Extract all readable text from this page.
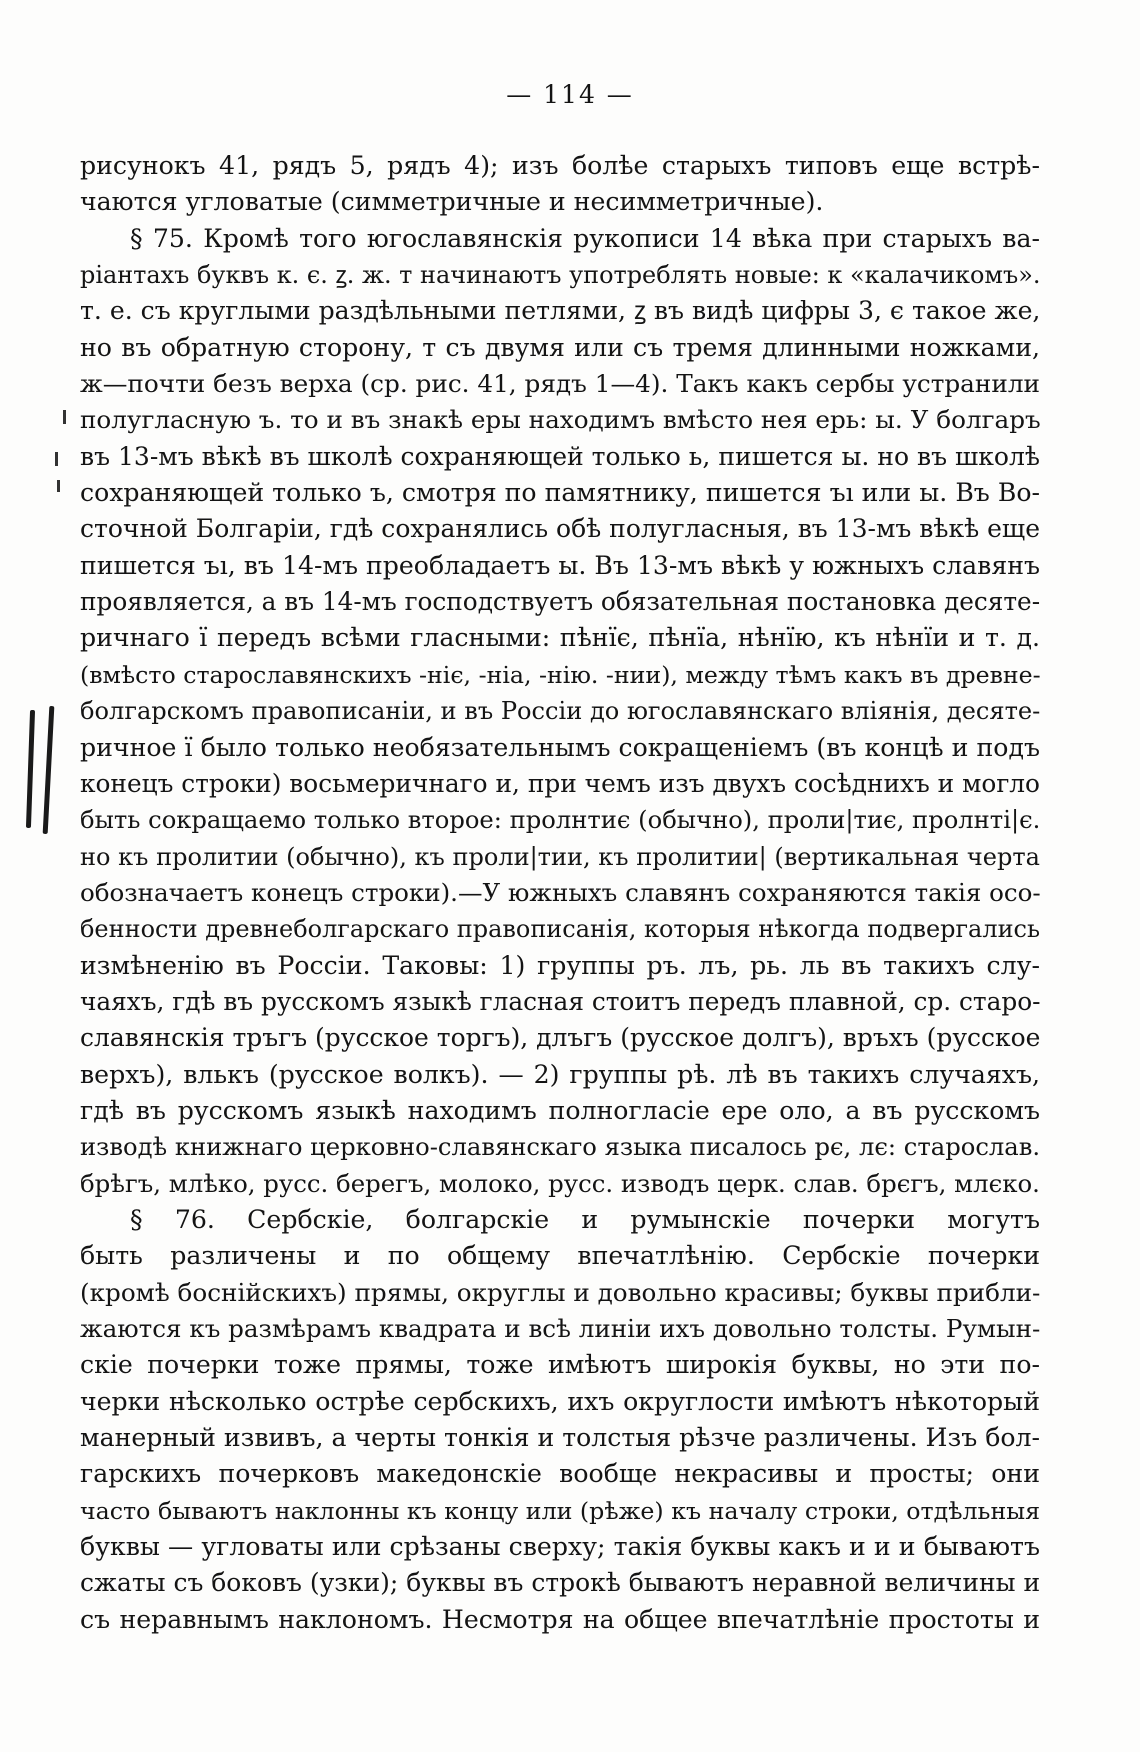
— 114 —

рисунокъ 41, рядъ 5, рядъ 4); изъ болѣе старыхъ типовъ еще встрѣ-
чаются угловатые (симметричные и несимметричные).

§ 75. Кромѣ того югославянскія рукописи 14 вѣка при старыхъ ва-
ріантахъ буквъ к. є. ꙁ. ж. т начинаютъ употреблять новые: к «калачикомъ».
т. е. съ круглыми раздѣльными петлями, ꙁ въ видѣ цифры 3, є такое же,
но въ обратную сторону, т съ двумя или съ тремя длинными ножками,
ж—почти безъ верха (ср. рис. 41, рядъ 1—4). Такъ какъ сербы устранили
полугласную ъ. то и въ знакѣ еры находимъ вмѣсто нея ерь: ы. У болгаръ
въ 13-мъ вѣкѣ въ школѣ сохраняющей только ь, пишется ы. но въ школѣ
сохраняющей только ъ, смотря по памятнику, пишется ъı или ы. Въ Во-
сточной Болгаріи, гдѣ сохранялись обѣ полугласныя, въ 13-мъ вѣкѣ еще
пишется ъı, въ 14-мъ преобладаетъ ы. Въ 13-мъ вѣкѣ у южныхъ славянъ
проявляется, а въ 14-мъ господствуетъ обязательная постановка десяте-
ричнаго ї передъ всѣми гласными: пѣнїє, пѣнїа, нѣнїю, къ нѣнїи и т. д.
(вмѣсто старославянскихъ -ніє, -ніа, -нію. -нии), между тѣмъ какъ въ древне-
болгарскомъ правописаніи, и въ Россіи до югославянскаго вліянія, десяте-
ричное ї было только необязательнымъ сокращеніемъ (въ концѣ и подъ
конецъ строки) восьмеричнаго и, при чемъ изъ двухъ сосѣднихъ и могло
быть сокращаемо только второе: пролнтиє (обычно), проли|тиє, пролнті|є.
но къ пролитии (обычно), къ проли|тии, къ пролитии| (вертикальная черта
обозначаетъ конецъ строки).—У южныхъ славянъ сохраняются такія осо-
бенности древнеболгарскаго правописанія, которыя нѣкогда подвергались
измѣненію въ Россіи. Таковы: 1) группы ръ. лъ, рь. ль въ такихъ слу-
чаяхъ, гдѣ въ русскомъ языкѣ гласная стоитъ передъ плавной, ср. старо-
славянскія тръгъ (русское торгъ), длъгъ (русское долгъ), връхъ (русское
верхъ), влькъ (русское волкъ). — 2) группы рѣ. лѣ въ такихъ случаяхъ,
гдѣ въ русскомъ языкѣ находимъ полногласіе ере оло, а въ русскомъ
изводѣ книжнаго церковно-славянскаго языка писалось рє, лє: старослав.
брѣгъ, млѣко, русс. берегъ, молоко, русс. изводъ церк. слав. брєгъ, млєко.

§ 76. Сербскіе, болгарскіе и румынскіе почерки могутъ
быть различены и по общему впечатлѣнію. Сербскіе почерки
(кромѣ боснійскихъ) прямы, округлы и довольно красивы; буквы прибли-
жаются къ размѣрамъ квадрата и всѣ линіи ихъ довольно толсты. Румын-
скіе почерки тоже прямы, тоже имѣютъ широкія буквы, но эти по-
черки нѣсколько острѣе сербскихъ, ихъ округлости имѣютъ нѣкоторый
манерный извивъ, а черты тонкія и толстыя рѣзче различены. Изъ бол-
гарскихъ почерковъ македонскіе вообще некрасивы и просты; они
часто бываютъ наклонны къ концу или (рѣже) къ началу строки, отдѣльныя
буквы — угловаты или срѣзаны сверху; такія буквы какъ и и и бываютъ
сжаты съ боковъ (узки); буквы въ строкѣ бываютъ неравной величины и
съ неравнымъ наклономъ. Несмотря на общее впечатлѣніе простоты и
